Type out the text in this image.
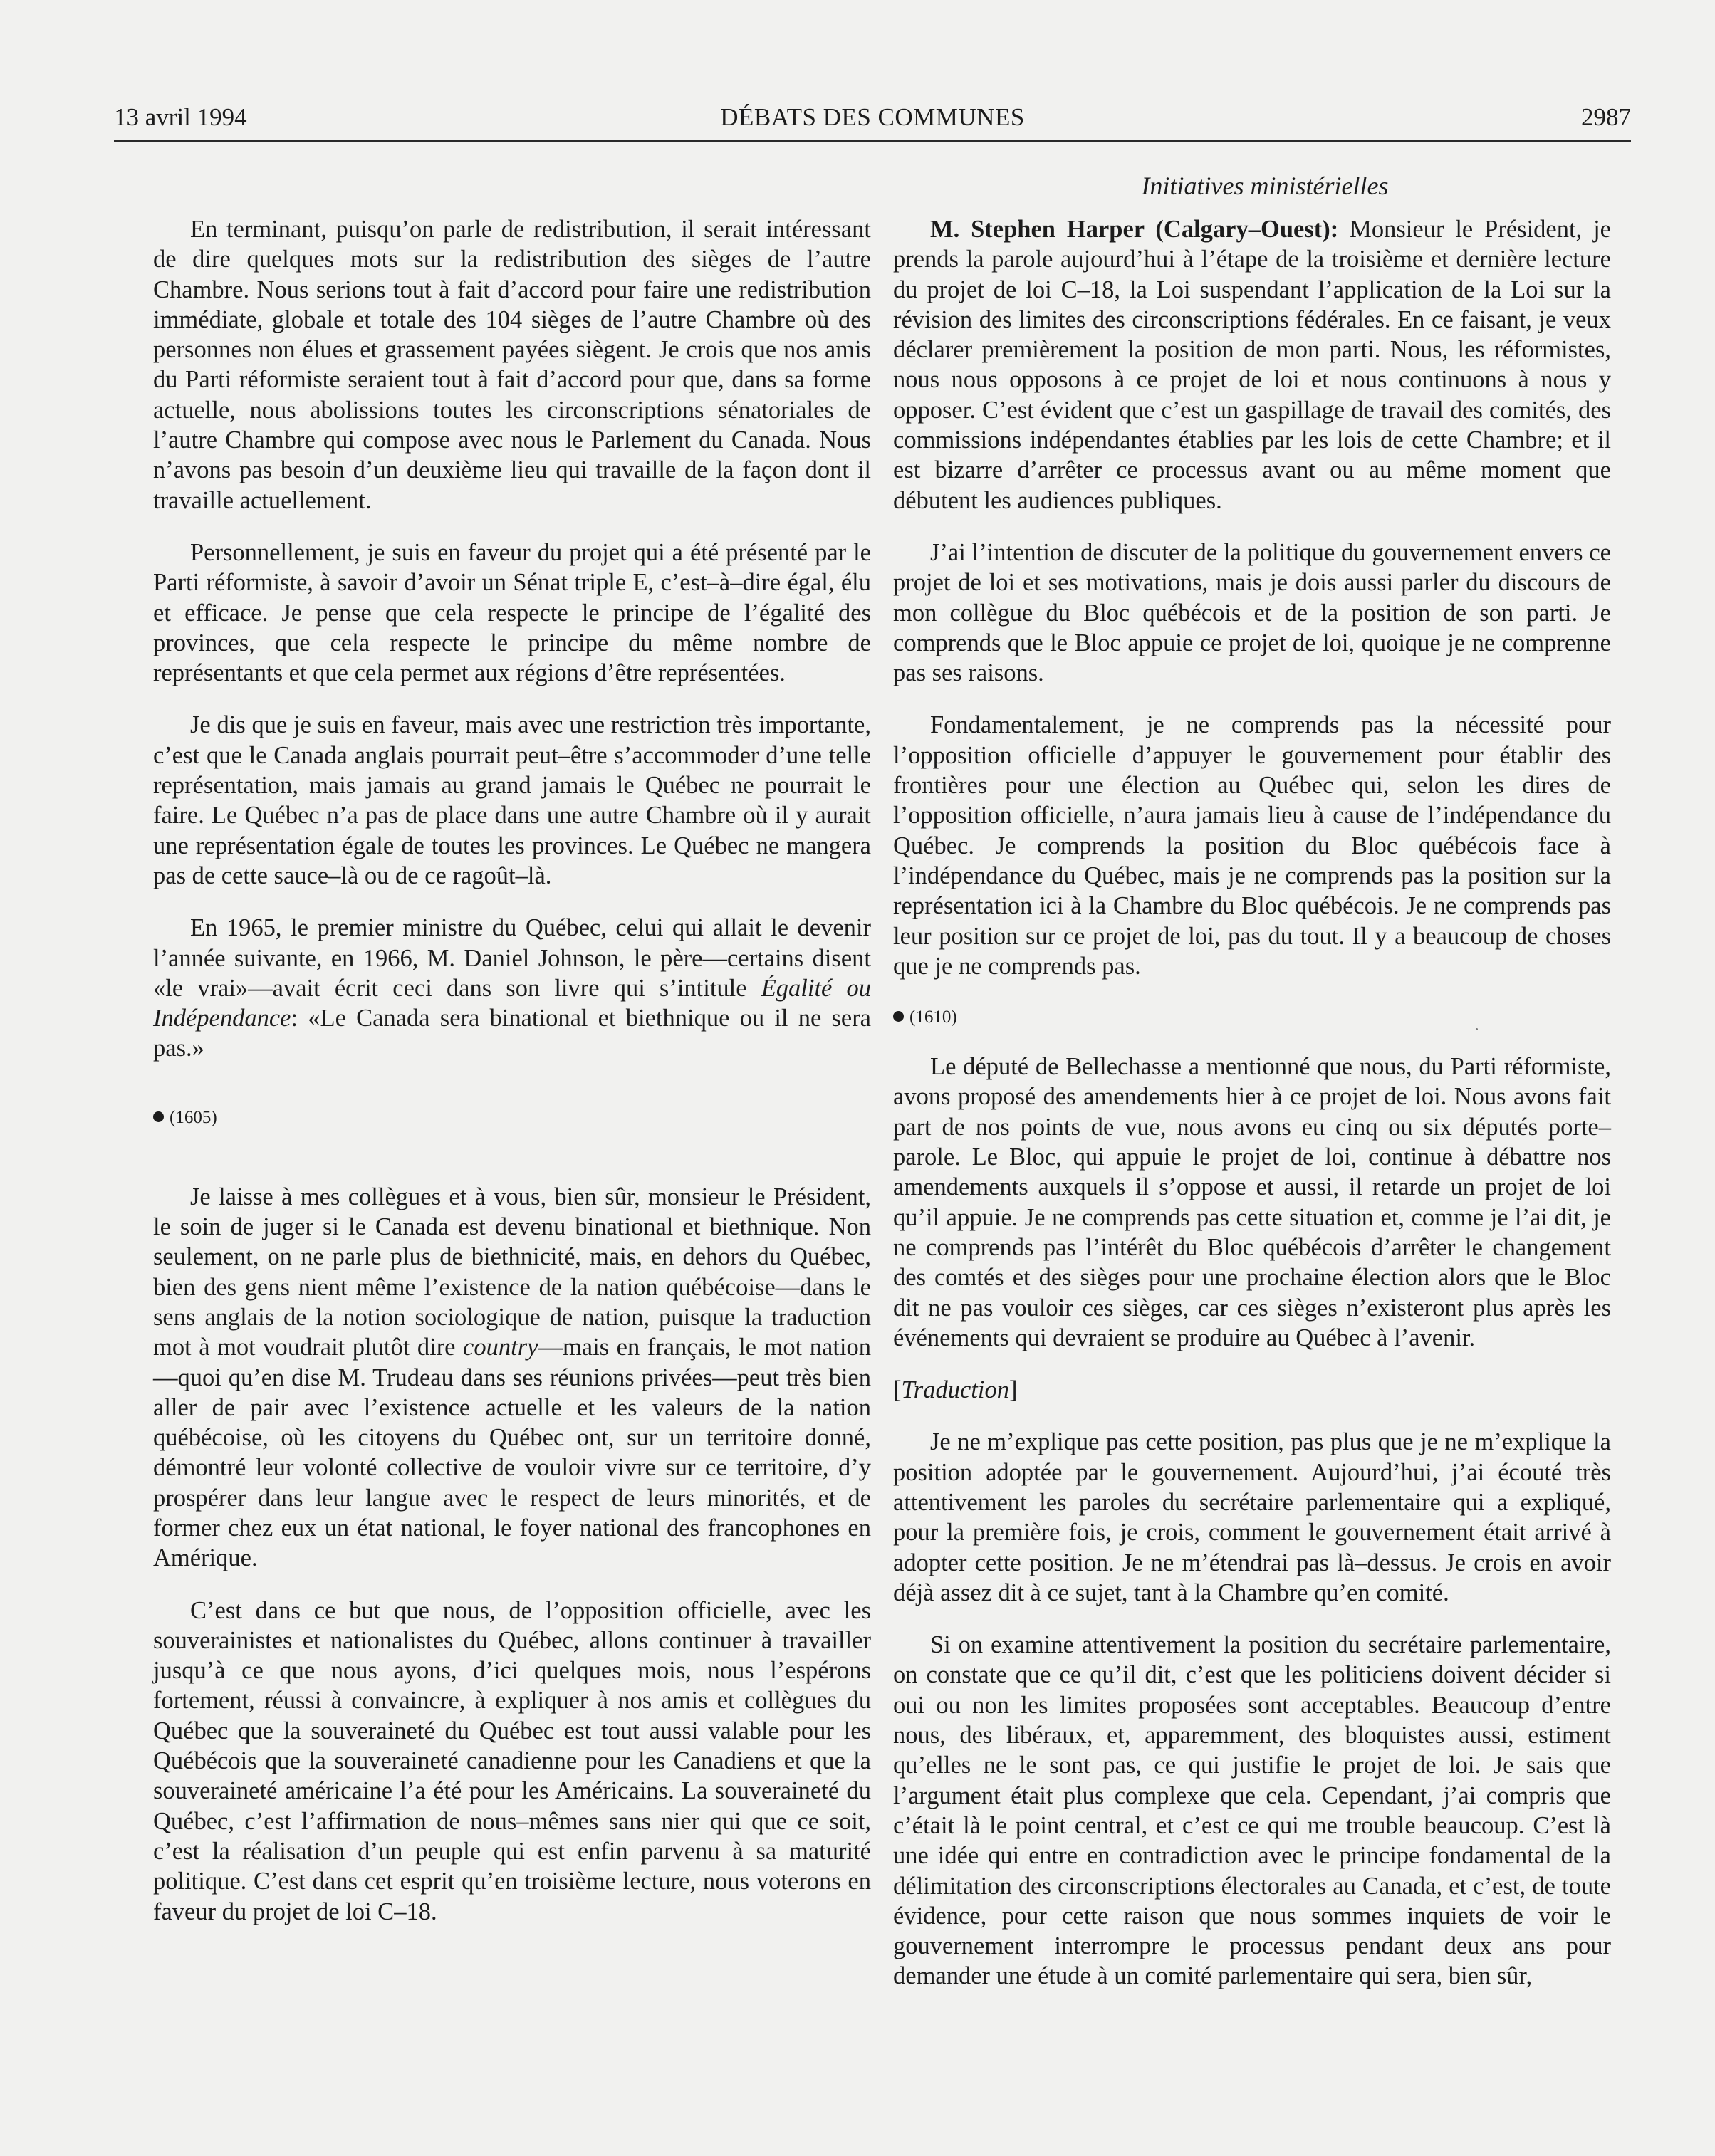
13 avril 1994	DÉBATS DES COMMUNES	2987
Initiatives ministérielles

En terminant, puisqu’on parle de redistribution, il serait intéressant de dire quelques mots sur la redistribution des sièges de l’autre Chambre. Nous serions tout à fait d’accord pour faire une redistribution immédiate, globale et totale des 104 sièges de l’autre Chambre où des personnes non élues et grassement payées siègent. Je crois que nos amis du Parti réformiste seraient tout à fait d’accord pour que, dans sa forme actuelle, nous abolissions toutes les circonscriptions sénatoriales de l’autre Chambre qui compose avec nous le Parlement du Canada. Nous n’avons pas besoin d’un deuxième lieu qui travaille de la façon dont il travaille actuellement.

Personnellement, je suis en faveur du projet qui a été présenté par le Parti réformiste, à savoir d’avoir un Sénat triple E, c’est–à–dire égal, élu et efficace. Je pense que cela respecte le principe de l’égalité des provinces, que cela respecte le principe du même nombre de représentants et que cela permet aux régions d’être représentées.

Je dis que je suis en faveur, mais avec une restriction très importante, c’est que le Canada anglais pourrait peut–être s’accommoder d’une telle représentation, mais jamais au grand jamais le Québec ne pourrait le faire. Le Québec n’a pas de place dans une autre Chambre où il y aurait une représentation égale de toutes les provinces. Le Québec ne mangera pas de cette sauce–là ou de ce ragoût–là.

En 1965, le premier ministre du Québec, celui qui allait le devenir l’année suivante, en 1966, M. Daniel Johnson, le père—certains disent «le vrai»—avait écrit ceci dans son livre qui s’intitule Égalité ou Indépendance: «Le Canada sera binational et biethnique ou il ne sera pas.»

(1605)

Je laisse à mes collègues et à vous, bien sûr, monsieur le Président, le soin de juger si le Canada est devenu binational et biethnique. Non seulement, on ne parle plus de biethnicité, mais, en dehors du Québec, bien des gens nient même l’existence de la nation québécoise—dans le sens anglais de la notion sociologique de nation, puisque la traduction mot à mot voudrait plutôt dire country—mais en français, le mot nation—quoi qu’en dise M. Trudeau dans ses réunions privées—peut très bien aller de pair avec l’existence actuelle et les valeurs de la nation québécoise, où les citoyens du Québec ont, sur un territoire donné, démontré leur volonté collective de vouloir vivre sur ce territoire, d’y prospérer dans leur langue avec le respect de leurs minorités, et de former chez eux un état national, le foyer national des francophones en Amérique.

C’est dans ce but que nous, de l’opposition officielle, avec les souverainistes et nationalistes du Québec, allons continuer à travailler jusqu’à ce que nous ayons, d’ici quelques mois, nous l’espérons fortement, réussi à convaincre, à expliquer à nos amis et collègues du Québec que la souveraineté du Québec est tout aussi valable pour les Québécois que la souveraineté canadienne pour les Canadiens et que la souveraineté américaine l’a été pour les Américains. La souveraineté du Québec, c’est l’affirmation de nous–mêmes sans nier qui que ce soit, c’est la réalisation d’un peuple qui est enfin parvenu à sa maturité politique. C’est dans cet esprit qu’en troisième lecture, nous voterons en faveur du projet de loi C–18.

M. Stephen Harper (Calgary–Ouest): Monsieur le Président, je prends la parole aujourd’hui à l’étape de la troisième et dernière lecture du projet de loi C–18, la Loi suspendant l’application de la Loi sur la révision des limites des circonscriptions fédérales. En ce faisant, je veux déclarer premièrement la position de mon parti. Nous, les réformistes, nous nous opposons à ce projet de loi et nous continuons à nous y opposer. C’est évident que c’est un gaspillage de travail des comités, des commissions indépendantes établies par les lois de cette Chambre; et il est bizarre d’arrêter ce processus avant ou au même moment que débutent les audiences publiques.

J’ai l’intention de discuter de la politique du gouvernement envers ce projet de loi et ses motivations, mais je dois aussi parler du discours de mon collègue du Bloc québécois et de la position de son parti. Je comprends que le Bloc appuie ce projet de loi, quoique je ne comprenne pas ses raisons.

Fondamentalement, je ne comprends pas la nécessité pour l’opposition officielle d’appuyer le gouvernement pour établir des frontières pour une élection au Québec qui, selon les dires de l’opposition officielle, n’aura jamais lieu à cause de l’indépendance du Québec. Je comprends la position du Bloc québécois face à l’indépendance du Québec, mais je ne comprends pas la position sur la représentation ici à la Chambre du Bloc québécois. Je ne comprends pas leur position sur ce projet de loi, pas du tout. Il y a beaucoup de choses que je ne comprends pas.

(1610)

Le député de Bellechasse a mentionné que nous, du Parti réformiste, avons proposé des amendements hier à ce projet de loi. Nous avons fait part de nos points de vue, nous avons eu cinq ou six députés porte–parole. Le Bloc, qui appuie le projet de loi, continue à débattre nos amendements auxquels il s’oppose et aussi, il retarde un projet de loi qu’il appuie. Je ne comprends pas cette situation et, comme je l’ai dit, je ne comprends pas l’intérêt du Bloc québécois d’arrêter le changement des comtés et des sièges pour une prochaine élection alors que le Bloc dit ne pas vouloir ces sièges, car ces sièges n’existeront plus après les événements qui devraient se produire au Québec à l’avenir.

[Traduction]

Je ne m’explique pas cette position, pas plus que je ne m’explique la position adoptée par le gouvernement. Aujourd’hui, j’ai écouté très attentivement les paroles du secrétaire parlementaire qui a expliqué, pour la première fois, je crois, comment le gouvernement était arrivé à adopter cette position. Je ne m’étendrai pas là–dessus. Je crois en avoir déjà assez dit à ce sujet, tant à la Chambre qu’en comité.

Si on examine attentivement la position du secrétaire parlementaire, on constate que ce qu’il dit, c’est que les politiciens doivent décider si oui ou non les limites proposées sont acceptables. Beaucoup d’entre nous, des libéraux, et, apparemment, des bloquistes aussi, estiment qu’elles ne le sont pas, ce qui justifie le projet de loi. Je sais que l’argument était plus complexe que cela. Cependant, j’ai compris que c’était là le point central, et c’est ce qui me trouble beaucoup. C’est là une idée qui entre en contradiction avec le principe fondamental de la délimitation des circonscriptions électorales au Canada, et c’est, de toute évidence, pour cette raison que nous sommes inquiets de voir le gouvernement interrompre le processus pendant deux ans pour demander une étude à un comité parlementaire qui sera, bien sûr,
